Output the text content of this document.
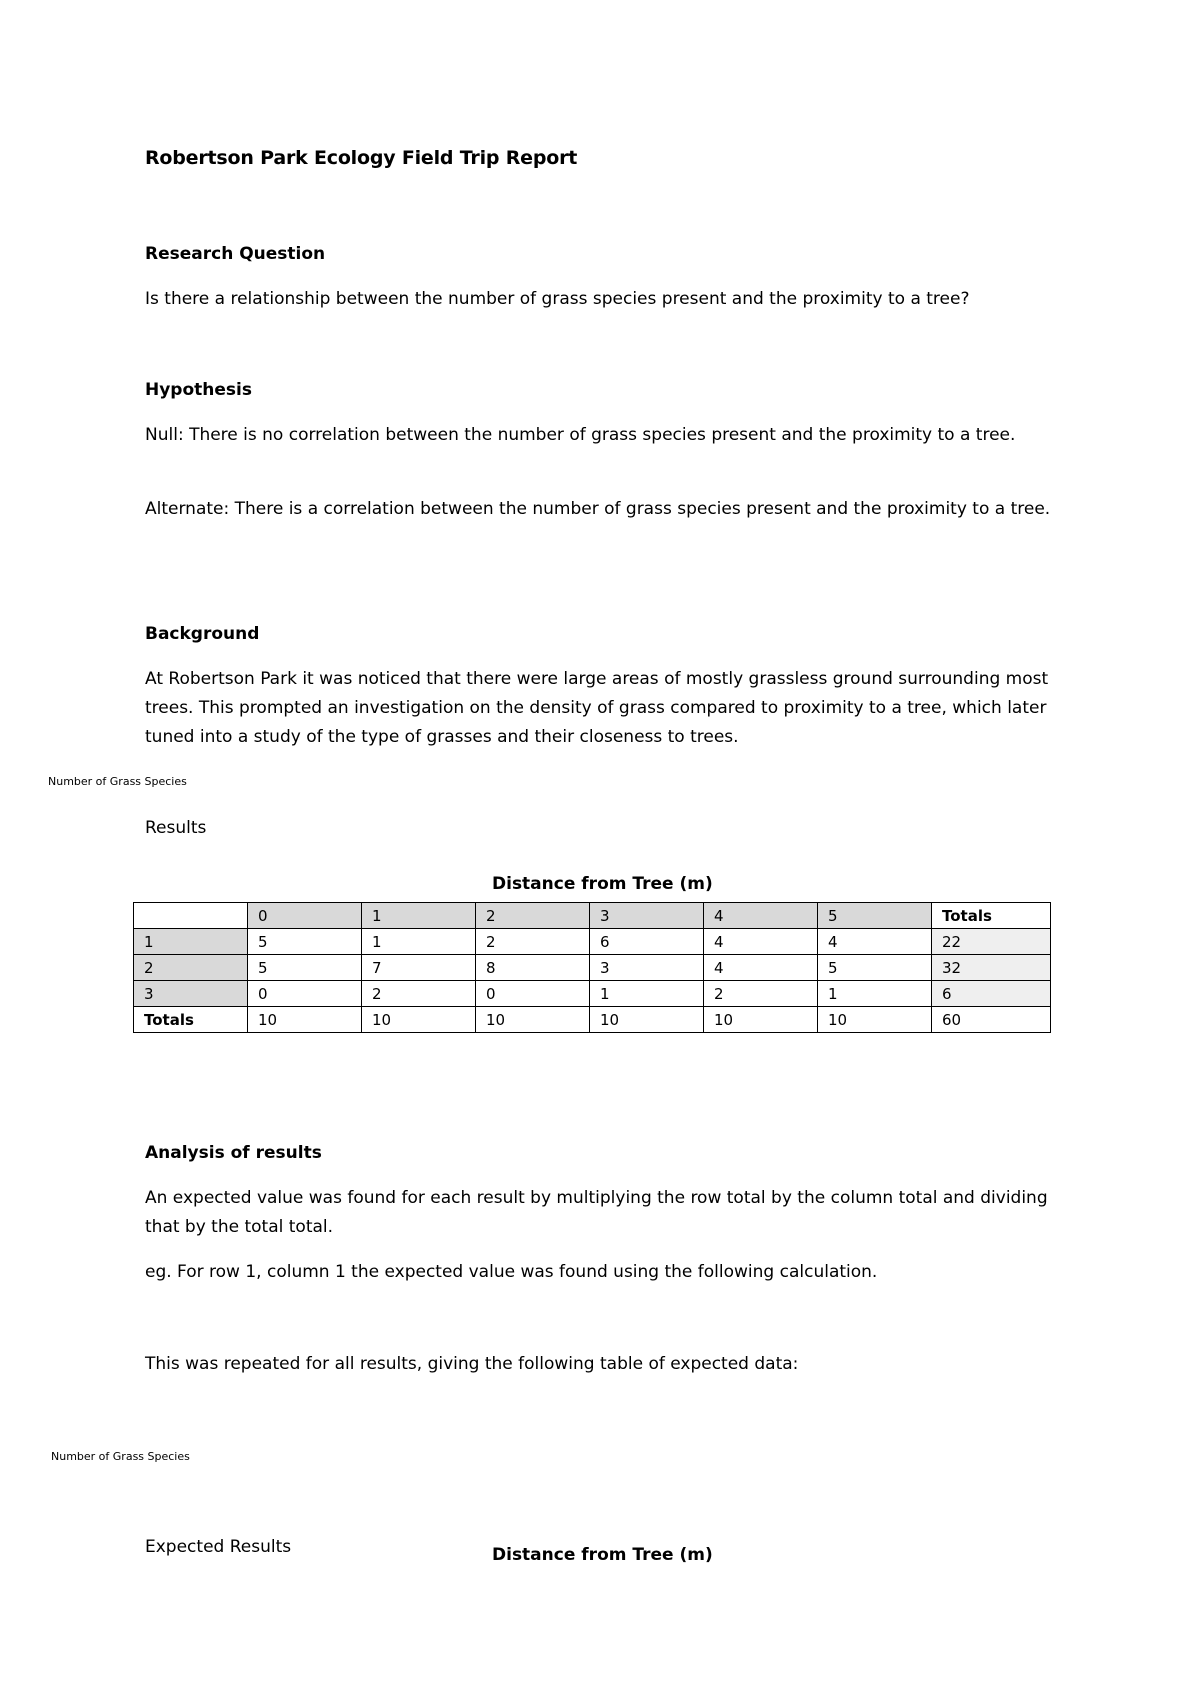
Robertson Park Ecology Field Trip Report
Research Question
Is there a relationship between the number of grass species present and the proximity to a tree?
Hypothesis
Null: There is no correlation between the number of grass species present and the proximity to a tree.
Alternate: There is a correlation between the number of grass species present and the proximity to a tree.
Background
At Robertson Park it was noticed that there were large areas of mostly grassless ground surrounding most trees. This prompted an investigation on the density of grass compared to proximity to a tree, which later tuned into a study of the type of grasses and their closeness to trees.
Number of Grass Species
Results
Distance from Tree (m)
	0	1	2	3	4	5	Totals
1	5	1	2	6	4	4	22
2	5	7	8	3	4	5	32
3	0	2	0	1	2	1	6
Totals	10	10	10	10	10	10	60
Analysis of results
An expected value was found for each result by multiplying the row total by the column total and dividing that by the total total.
eg. For row 1, column 1 the expected value was found using the following calculation.
This was repeated for all results, giving the following table of expected data:
Number of Grass Species
Expected Results	Distance from Tree (m)
